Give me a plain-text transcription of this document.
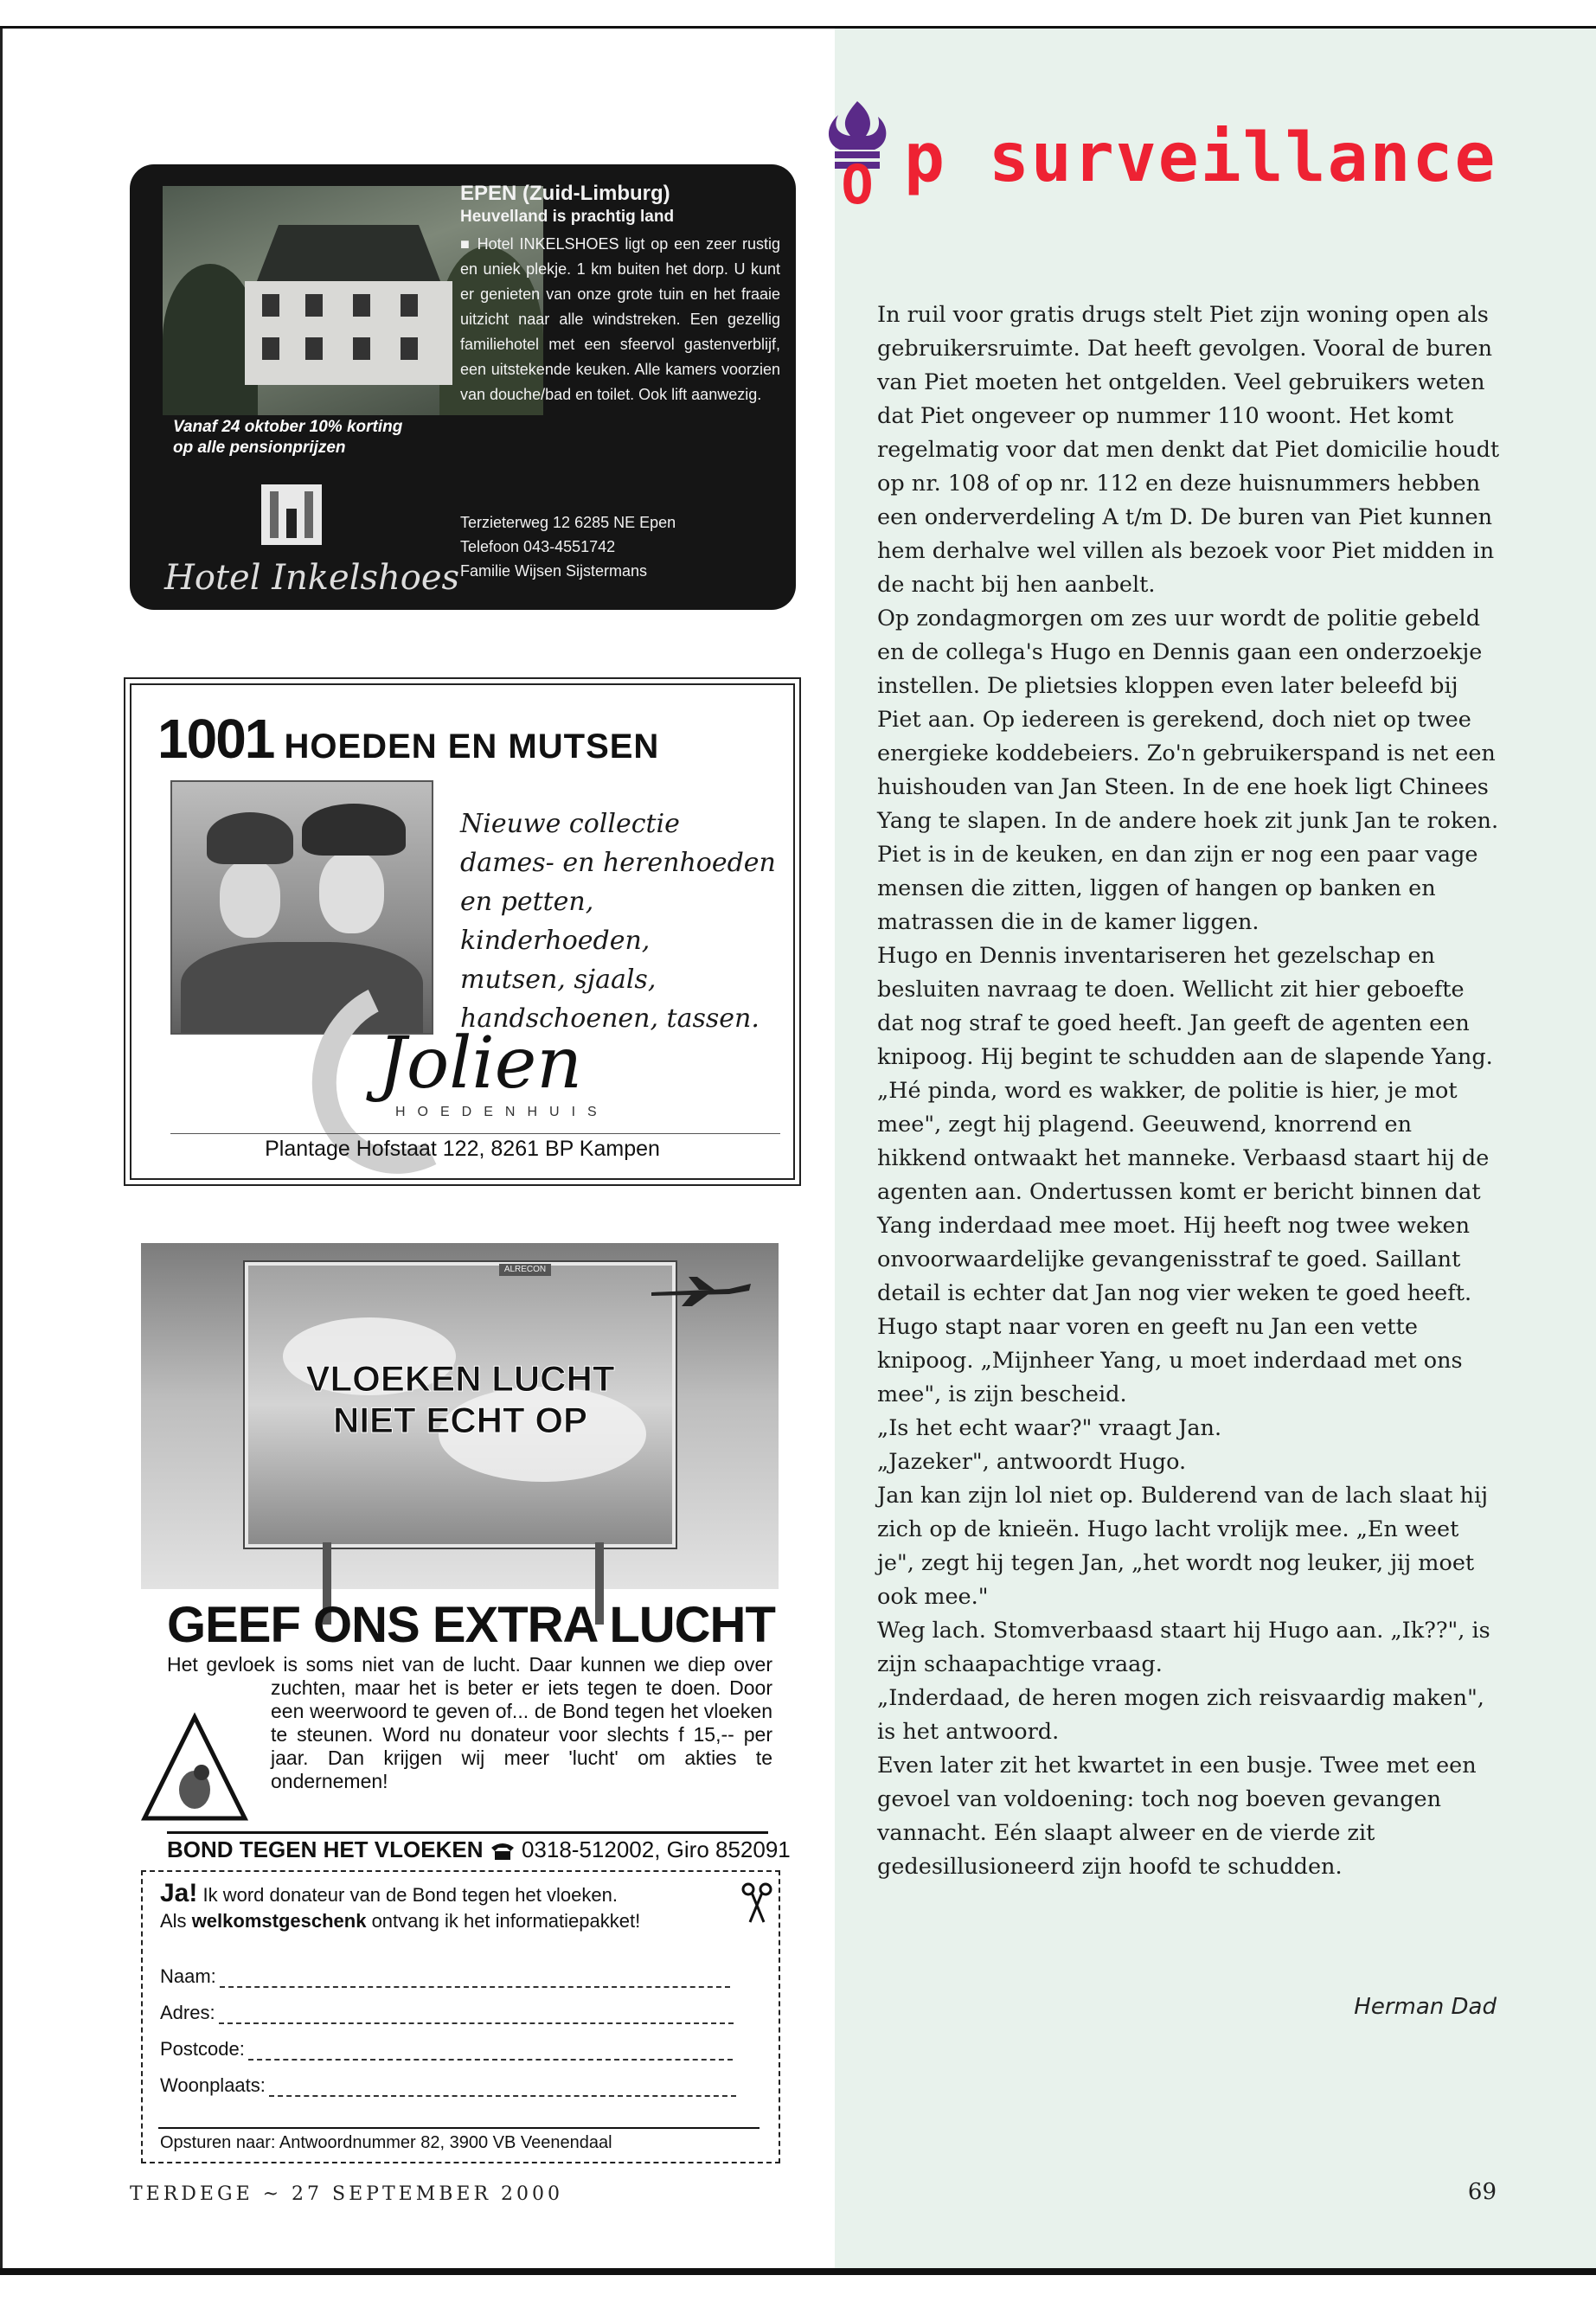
Vanaf 24 oktober 10% korting
op alle pensionprijzen
Hotel Inkelshoes
EPEN (Zuid-Limburg)
Heuvelland is prachtig land
■ Hotel INKELSHOES ligt op een zeer rustig en uniek plekje. 1 km buiten het dorp. U kunt er genieten van onze grote tuin en het fraaie uitzicht naar alle windstreken. Een gezellig familiehotel met een sfeervol gastenverblijf, een uitstekende keuken. Alle kamers voorzien van douche/bad en toilet. Ook lift aanwezig.
Terzieterweg 12 6285 NE Epen
Telefoon 043-4551742
Familie Wijsen Sijstermans
1001 HOEDEN EN MUTSEN
Nieuwe collectie
dames- en herenhoeden
en petten, kinderhoeden,
mutsen, sjaals,
handschoenen, tassen.
Jolien
HOEDENHUIS
Plantage Hofstaat 122, 8261 BP Kampen
ALRECON
VLOEKEN LUCHT
NIET ECHT OP
GEEF ONS EXTRA LUCHT
Het gevloek is soms niet van de lucht. Daar kunnen we diep over zuchten, maar het is beter er iets tegen te doen. Door een weerwoord te geven of... de Bond tegen het vloeken te steunen. Word nu donateur voor slechts f 15,-- per jaar. Dan krijgen wij meer 'lucht' om akties te ondernemen!
BOND TEGEN HET VLOEKEN 0318-512002, Giro 852091
Ja! Ik word donateur van de Bond tegen het vloeken.
Als welkomstgeschenk ontvang ik het informatiepakket!
Naam:
Adres:
Postcode:
Woonplaats:
Opsturen naar: Antwoordnummer 82, 3900 VB Veenendaal
O p surveillance

In ruil voor gratis drugs stelt Piet zijn woning open als gebruikersruimte. Dat heeft gevolgen. Vooral de buren van Piet moeten het ontgelden. Veel gebruikers weten dat Piet ongeveer op nummer 110 woont. Het komt regelmatig voor dat men denkt dat Piet domicilie houdt op nr. 108 of op nr. 112 en deze huisnummers hebben een onderverdeling A t/m D. De buren van Piet kunnen hem derhalve wel villen als bezoek voor Piet midden in de nacht bij hen aanbelt.

Op zondagmorgen om zes uur wordt de politie gebeld en de collega's Hugo en Dennis gaan een onderzoekje instellen. De plietsies kloppen even later beleefd bij Piet aan. Op iedereen is gerekend, doch niet op twee energieke koddebeiers. Zo'n gebruikerspand is net een huishouden van Jan Steen. In de ene hoek ligt Chinees Yang te slapen. In de andere hoek zit junk Jan te roken. Piet is in de keuken, en dan zijn er nog een paar vage mensen die zitten, liggen of hangen op banken en matrassen die in de kamer liggen.

Hugo en Dennis inventariseren het gezelschap en besluiten navraag te doen. Wellicht zit hier geboefte dat nog straf te goed heeft. Jan geeft de agenten een knipoog. Hij begint te schudden aan de slapende Yang. „Hé pinda, word es wakker, de politie is hier, je mot mee", zegt hij plagend. Geeuwend, knorrend en hikkend ontwaakt het manneke. Verbaasd staart hij de agenten aan. Ondertussen komt er bericht binnen dat Yang inderdaad mee moet. Hij heeft nog twee weken onvoorwaardelijke gevangenisstraf te goed. Saillant detail is echter dat Jan nog vier weken te goed heeft.

Hugo stapt naar voren en geeft nu Jan een vette knipoog. „Mijnheer Yang, u moet inderdaad met ons mee", is zijn bescheid.

„Is het echt waar?" vraagt Jan.

„Jazeker", antwoordt Hugo.

Jan kan zijn lol niet op. Bulderend van de lach slaat hij zich op de knieën. Hugo lacht vrolijk mee. „En weet je", zegt hij tegen Jan, „het wordt nog leuker, jij moet ook mee."

Weg lach. Stomverbaasd staart hij Hugo aan. „Ik??", is zijn schaapachtige vraag.

„Inderdaad, de heren mogen zich reisvaardig maken", is het antwoord.

Even later zit het kwartet in een busje. Twee met een gevoel van voldoening: toch nog boeven gevangen vannacht. Eén slaapt alweer en de vierde zit gedesillusioneerd zijn hoofd te schudden.

Herman Dad
TERDEGE ~ 27 SEPTEMBER 2000	69
